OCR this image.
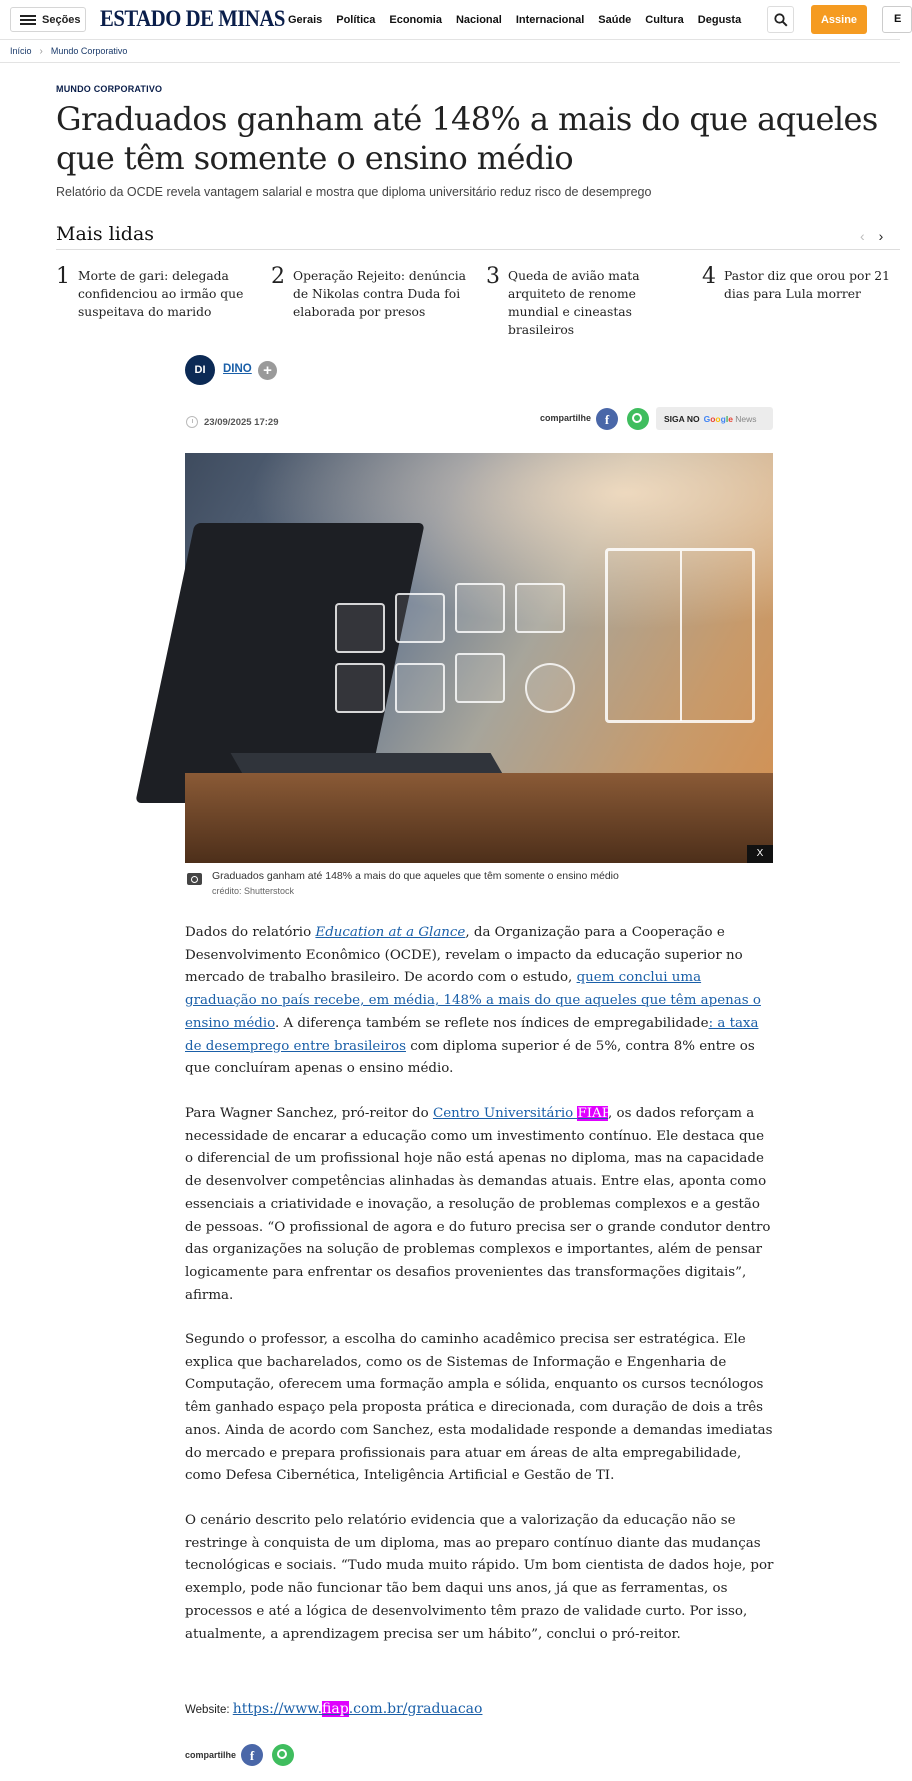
Seções ESTADO DE MINAS Gerais Política Economia Nacional Internacional Saúde Cultura Degusta	Assine	E
Início › Mundo Corporativo
MUNDO CORPORATIVO
Graduados ganham até 148% a mais do que aqueles que têm somente o ensino médio
Relatório da OCDE revela vantagem salarial e mostra que diploma universitário reduz risco de desemprego
Mais lidas	‹ ›
1 Morte de gari: delegada confidenciou ao irmão que suspeitava do marido
2 Operação Rejeito: denúncia de Nikolas contra Duda foi elaborada por presos
3 Queda de avião mata arquiteto de renome mundial e cineastas brasileiros
4 Pastor diz que orou por 21 dias para Lula morrer
DI	DINO +
23/09/2025 17:29	compartilhe	f	SIGA NO Google News
X
Graduados ganham até 148% a mais do que aqueles que têm somente o ensino médio
crédito: Shutterstock

Dados do relatório Education at a Glance, da Organização para a Cooperação e Desenvolvimento Econômico (OCDE), revelam o impacto da educação superior no mercado de trabalho brasileiro. De acordo com o estudo, quem conclui uma graduação no país recebe, em média, 148% a mais do que aqueles que têm apenas o ensino médio. A diferença também se reflete nos índices de empregabilidade: a taxa de desemprego entre brasileiros com diploma superior é de 5%, contra 8% entre os que concluíram apenas o ensino médio.

Para Wagner Sanchez, pró-reitor do Centro Universitário FIAP, os dados reforçam a necessidade de encarar a educação como um investimento contínuo. Ele destaca que o diferencial de um profissional hoje não está apenas no diploma, mas na capacidade de desenvolver competências alinhadas às demandas atuais. Entre elas, aponta como essenciais a criatividade e inovação, a resolução de problemas complexos e a gestão de pessoas. “O profissional de agora e do futuro precisa ser o grande condutor dentro das organizações na solução de problemas complexos e importantes, além de pensar logicamente para enfrentar os desafios provenientes das transformações digitais”, afirma.

Segundo o professor, a escolha do caminho acadêmico precisa ser estratégica. Ele explica que bacharelados, como os de Sistemas de Informação e Engenharia de Computação, oferecem uma formação ampla e sólida, enquanto os cursos tecnólogos têm ganhado espaço pela proposta prática e direcionada, com duração de dois a três anos. Ainda de acordo com Sanchez, esta modalidade responde a demandas imediatas do mercado e prepara profissionais para atuar em áreas de alta empregabilidade, como Defesa Cibernética, Inteligência Artificial e Gestão de TI.

O cenário descrito pelo relatório evidencia que a valorização da educação não se restringe à conquista de um diploma, mas ao preparo contínuo diante das mudanças tecnológicas e sociais. “Tudo muda muito rápido. Um bom cientista de dados hoje, por exemplo, pode não funcionar tão bem daqui uns anos, já que as ferramentas, os processos e até a lógica de desenvolvimento têm prazo de validade curto. Por isso, atualmente, a aprendizagem precisa ser um hábito”, conclui o pró-reitor.

Website: https://www.fiap.com.br/graduacao
compartilhe	f
